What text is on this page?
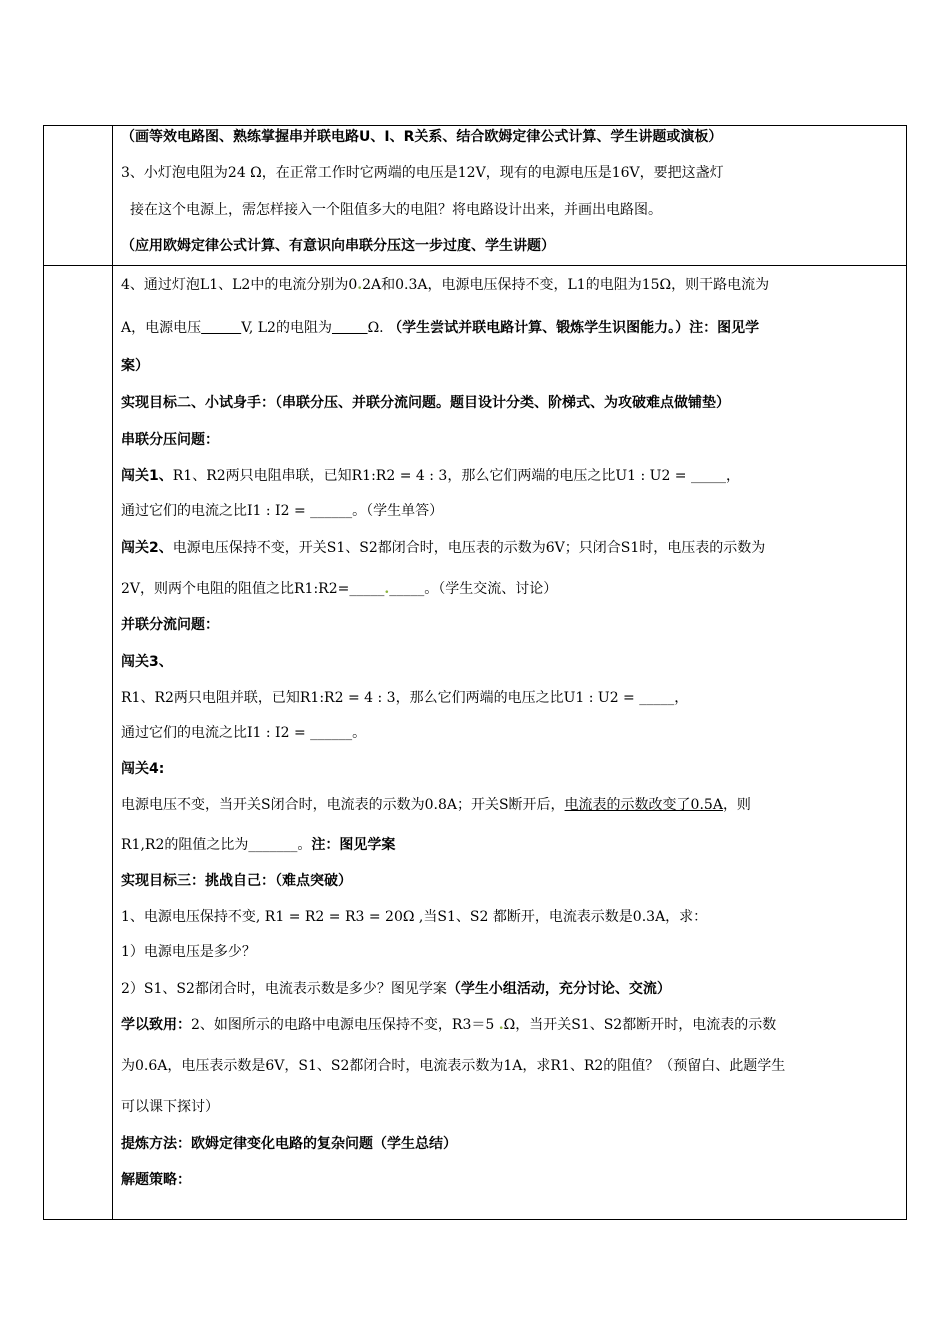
（画等效电路图、熟练掌握串并联电路U、I、R关系、结合欧姆定律公式计算、学生讲题或演板）
3、小灯泡电阻为24 Ω，在正常工作时它两端的电压是12V，现有的电源电压是16V，要把这盏灯
接在这个电源上，需怎样接入一个阻值多大的电阻？将电路设计出来，并画出电路图。
（应用欧姆定律公式计算、有意识向串联分压这一步过度、学生讲题）
4、通过灯泡L1、L2中的电流分别为0.2A和0.3A，电源电压保持不变，L1的电阻为15Ω，则干路电流为
A，电源电压	V, L2的电阻为	Ω. （学生尝试并联电路计算、锻炼学生识图能力。）注：图见学
案）
实现目标二、小试身手：（串联分压、并联分流问题。题目设计分类、阶梯式、为攻破难点做铺垫）
串联分压问题：
闯关1、R1、R2两只电阻串联，已知R1:R2 = 4 : 3，那么它们两端的电压之比U1 : U2 = _____，
通过它们的电流之比I1 : I2 = ______。（学生单答）
闯关2、电源电压保持不变，开关S1、S2都闭合时，电压表的示数为6V；只闭合S1时，电压表的示数为
2V，则两个电阻的阻值之比R1:R2=_____._____。（学生交流、讨论）
并联分流问题：
闯关3、
R1、R2两只电阻并联，已知R1:R2 = 4 : 3，那么它们两端的电压之比U1 : U2 = _____，
通过它们的电流之比I1 : I2 = ______。
闯关4:
电源电压不变，当开关S闭合时，电流表的示数为0.8A；开关S断开后，电流表的示数改变了0.5A，则
R1,R2的阻值之比为_______。注：图见学案
实现目标三：挑战自己：（难点突破）
1、电源电压保持不变, R1 = R2 = R3 = 20Ω ,当S1、S2 都断开，电流表示数是0.3A，求：
1）电源电压是多少？
2）S1、S2都闭合时，电流表示数是多少？图见学案（学生小组活动，充分讨论、交流）
学以致用：2、如图所示的电路中电源电压保持不变，R3＝5 .Ω，当开关S1、S2都断开时，电流表的示数
为0.6A，电压表示数是6V，S1、S2都闭合时，电流表示数为1A，求R1、R2的阻值？（预留白、此题学生
可以课下探讨）
提炼方法：欧姆定律变化电路的复杂问题（学生总结）
解题策略：
